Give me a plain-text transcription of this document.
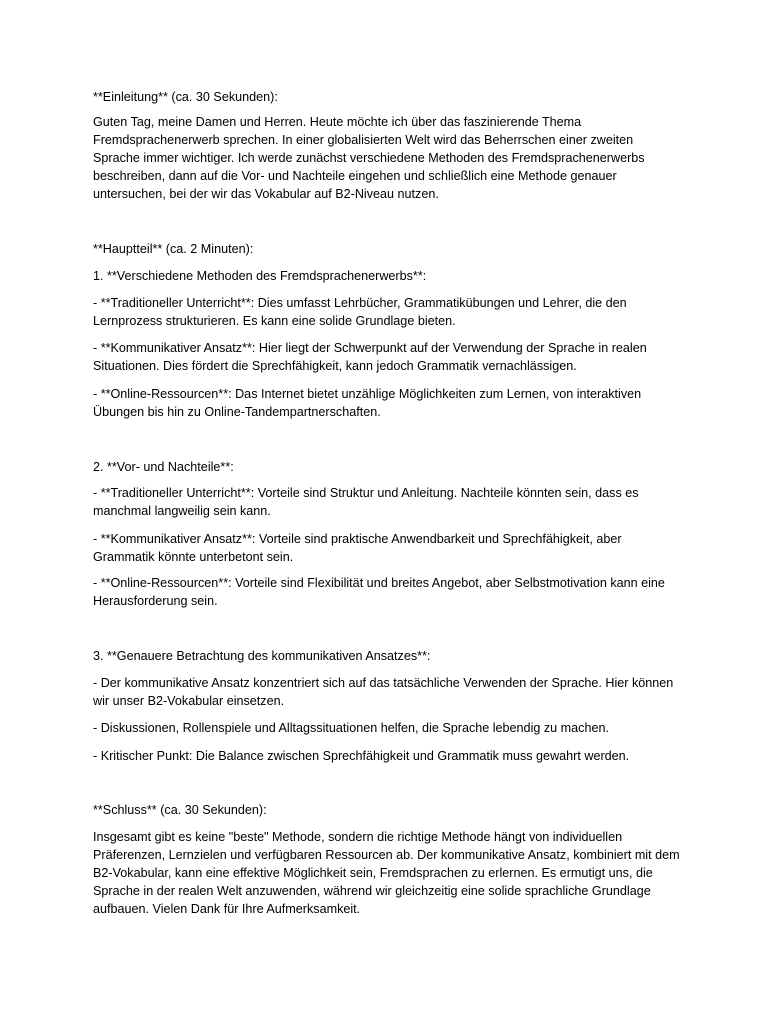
**Einleitung** (ca. 30 Sekunden):

Guten Tag, meine Damen und Herren. Heute möchte ich über das faszinierende Thema Fremdsprachenerwerb sprechen. In einer globalisierten Welt wird das Beherrschen einer zweiten Sprache immer wichtiger. Ich werde zunächst verschiedene Methoden des Fremdsprachenerwerbs beschreiben, dann auf die Vor- und Nachteile eingehen und schließlich eine Methode genauer untersuchen, bei der wir das Vokabular auf B2-Niveau nutzen.

**Hauptteil** (ca. 2 Minuten):

1. **Verschiedene Methoden des Fremdsprachenerwerbs**:

- **Traditioneller Unterricht**: Dies umfasst Lehrbücher, Grammatikübungen und Lehrer, die den Lernprozess strukturieren. Es kann eine solide Grundlage bieten.

- **Kommunikativer Ansatz**: Hier liegt der Schwerpunkt auf der Verwendung der Sprache in realen Situationen. Dies fördert die Sprechfähigkeit, kann jedoch Grammatik vernachlässigen.

- **Online-Ressourcen**: Das Internet bietet unzählige Möglichkeiten zum Lernen, von interaktiven Übungen bis hin zu Online-Tandempartnerschaften.

2. **Vor- und Nachteile**:

- **Traditioneller Unterricht**: Vorteile sind Struktur und Anleitung. Nachteile könnten sein, dass es manchmal langweilig sein kann.

- **Kommunikativer Ansatz**: Vorteile sind praktische Anwendbarkeit und Sprechfähigkeit, aber Grammatik könnte unterbetont sein.

- **Online-Ressourcen**: Vorteile sind Flexibilität und breites Angebot, aber Selbstmotivation kann eine Herausforderung sein.

3. **Genauere Betrachtung des kommunikativen Ansatzes**:

- Der kommunikative Ansatz konzentriert sich auf das tatsächliche Verwenden der Sprache. Hier können wir unser B2-Vokabular einsetzen.

- Diskussionen, Rollenspiele und Alltagssituationen helfen, die Sprache lebendig zu machen.

- Kritischer Punkt: Die Balance zwischen Sprechfähigkeit und Grammatik muss gewahrt werden.

**Schluss** (ca. 30 Sekunden):

Insgesamt gibt es keine "beste" Methode, sondern die richtige Methode hängt von individuellen Präferenzen, Lernzielen und verfügbaren Ressourcen ab. Der kommunikative Ansatz, kombiniert mit dem B2-Vokabular, kann eine effektive Möglichkeit sein, Fremdsprachen zu erlernen. Es ermutigt uns, die Sprache in der realen Welt anzuwenden, während wir gleichzeitig eine solide sprachliche Grundlage aufbauen. Vielen Dank für Ihre Aufmerksamkeit.
